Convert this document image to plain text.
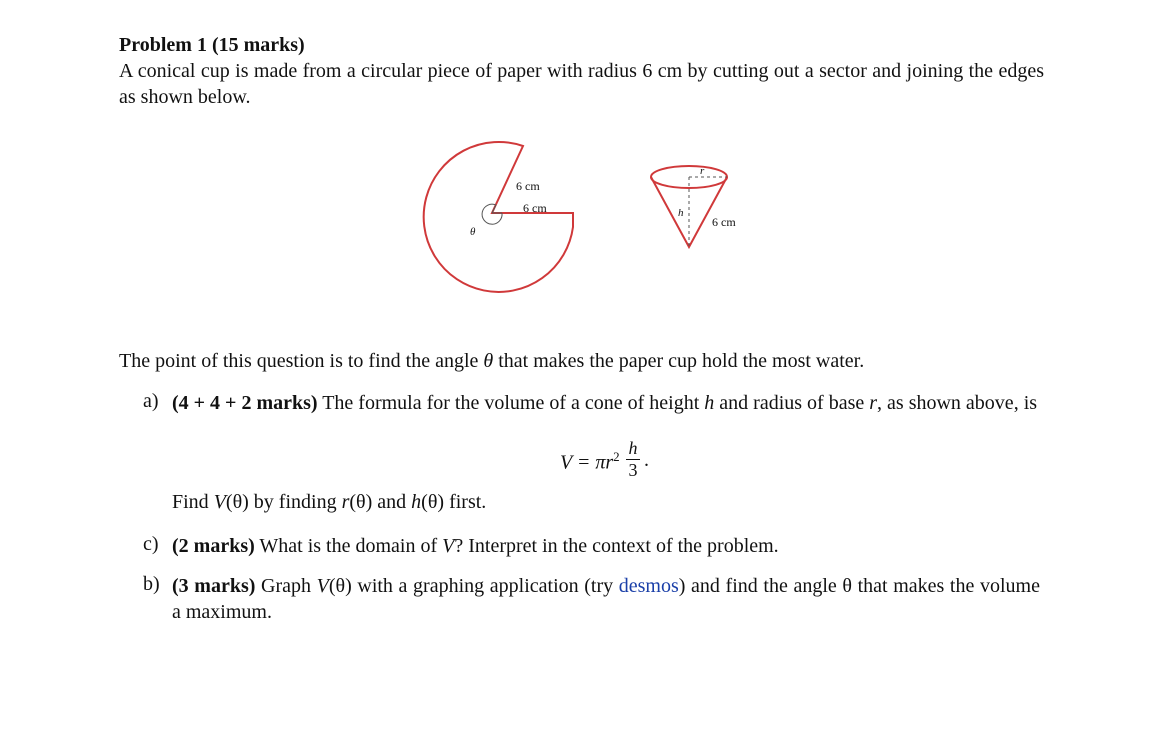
Problem 1 (15 marks)
A conical cup is made from a circular piece of paper with radius 6 cm by cutting out a sector and joining the edges as shown below.
6 cm
6 cm
θ
r
h
6 cm
The point of this question is to find the angle θ that makes the paper cup hold the most water.
a) (4 + 4 + 2 marks) The formula for the volume of a cone of height h and radius of base r, as shown above, is
$V = \pi r^2$ h
3 .
Find V(θ) by finding r(θ) and h(θ) first.
c) (2 marks) What is the domain of V? Interpret in the context of the problem.
b) (3 marks) Graph V(θ) with a graphing application (try desmos) and find the angle θ that makes the volume a maximum.
